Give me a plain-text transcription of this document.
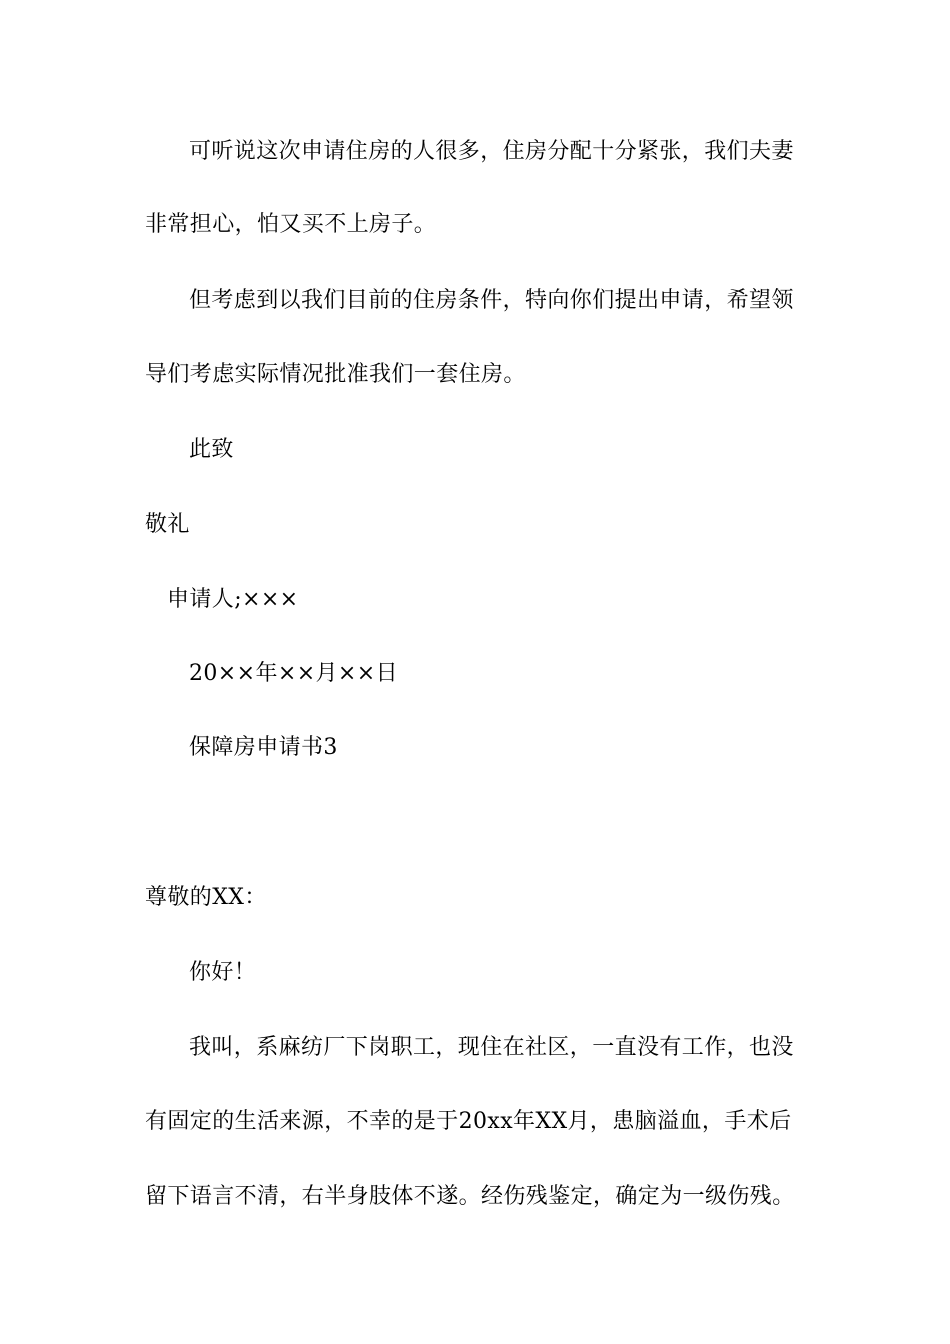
可听说这次申请住房的人很多，住房分配十分紧张，我们夫妻
非常担心，怕又买不上房子。
但考虑到以我们目前的住房条件，特向你们提出申请，希望领
导们考虑实际情况批准我们一套住房。
此致
敬礼
申请人;×××
20××年××月××日
保障房申请书3
尊敬的XX：
你好！
我叫，系麻纺厂下岗职工，现住在社区，一直没有工作，也没
有固定的生活来源，不幸的是于20xx年XX月，患脑溢血，手术后
留下语言不清，右半身肢体不遂。经伤残鉴定，确定为一级伤残。
